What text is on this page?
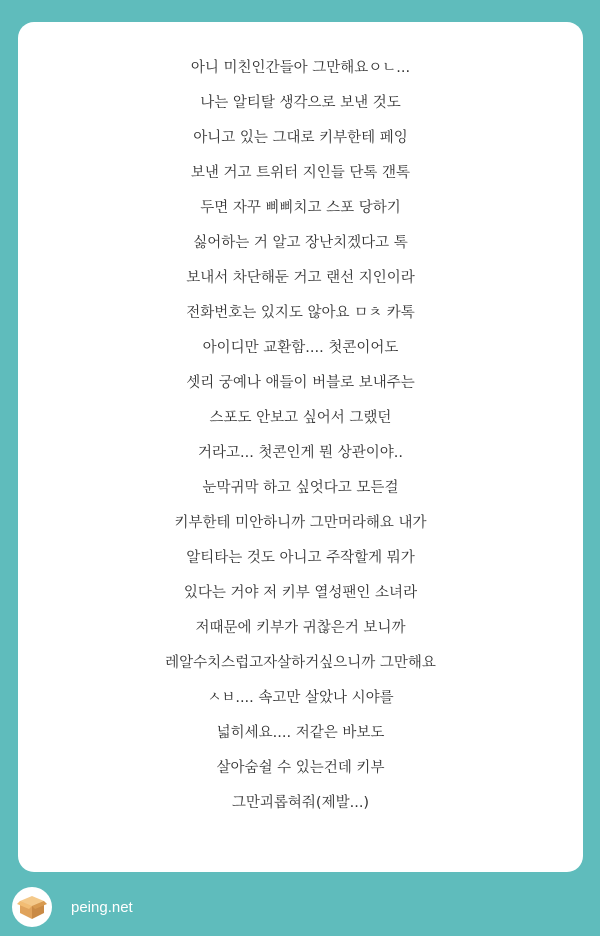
아니 미친인간들아 그만해요ㅇㄴ...
나는 알티탈 생각으로 보낸 것도
아니고 있는 그대로 키부한테 페잉
보낸 거고 트위터 지인들 단톡 갠톡
두면 자꾸 삐삐치고 스포 당하기
싫어하는 거 알고 장난치겠다고 톡
보내서 차단해둔 거고 랜선 지인이라
전화번호는 있지도 않아요 ㅁㅊ 카톡
아이디만 교환함.... 첫콘이어도
셋리 궁예나 애들이 버블로 보내주는
스포도 안보고 싶어서 그랬던
거라고... 첫콘인게 뭔 상관이야..
눈막귀막 하고 싶엇다고 모든걸
키부한테 미안하니까 그만머라해요 내가
알티타는 것도 아니고 주작할게 뭐가
있다는 거야 저 키부 열성팬인 소녀라
저때문에 키부가 귀찮은거 보니까
레알수치스럽고자살하거싶으니까 그만해요
ㅅㅂ.... 속고만 살았나 시야를
넓히세요.... 저같은 바보도
살아숨쉴 수 있는건데 키부
그만괴롭혀줘(제발...)
peing.net
